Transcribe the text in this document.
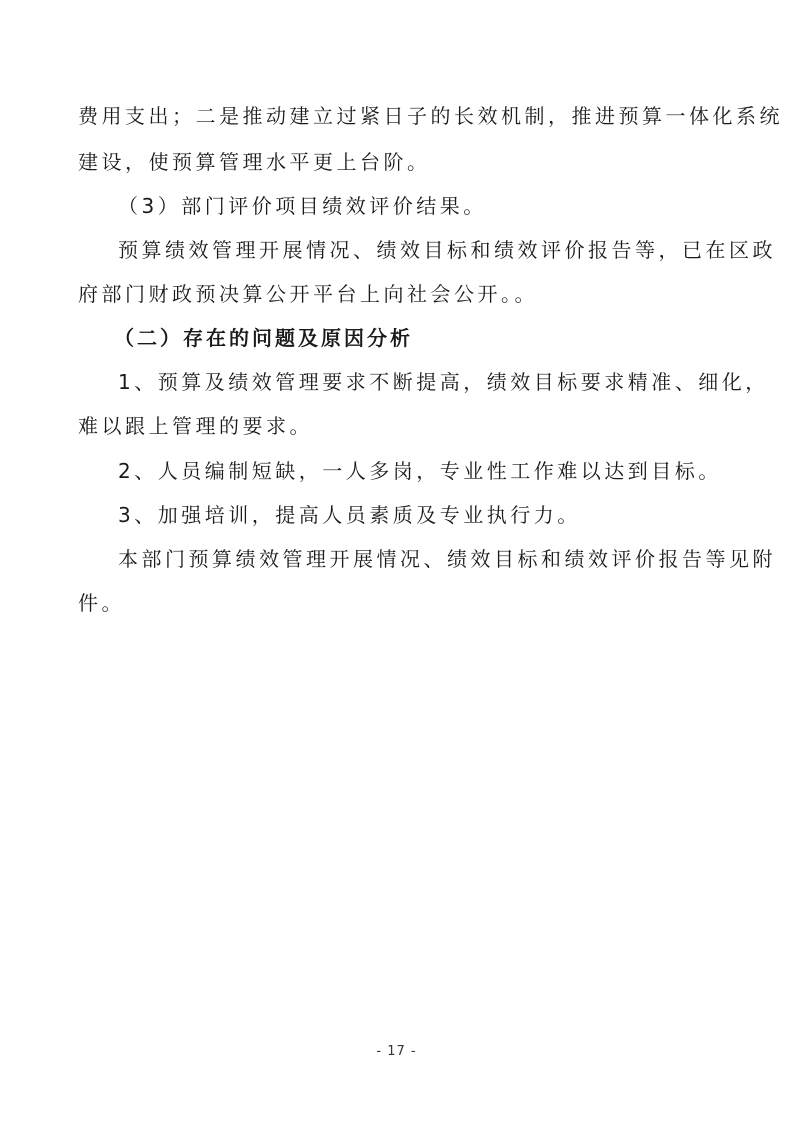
费用支出；二是推动建立过紧日子的长效机制，推进预算一体化系统
建设，使预算管理水平更上台阶。
（3）部门评价项目绩效评价结果。
预算绩效管理开展情况、绩效目标和绩效评价报告等，已在区政
府部门财政预决算公开平台上向社会公开。。
（二）存在的问题及原因分析
1、预算及绩效管理要求不断提高，绩效目标要求精准、细化，
难以跟上管理的要求。
2、人员编制短缺，一人多岗，专业性工作难以达到目标。
3、加强培训，提高人员素质及专业执行力。
本部门预算绩效管理开展情况、绩效目标和绩效评价报告等见附
件。
- 17 -
